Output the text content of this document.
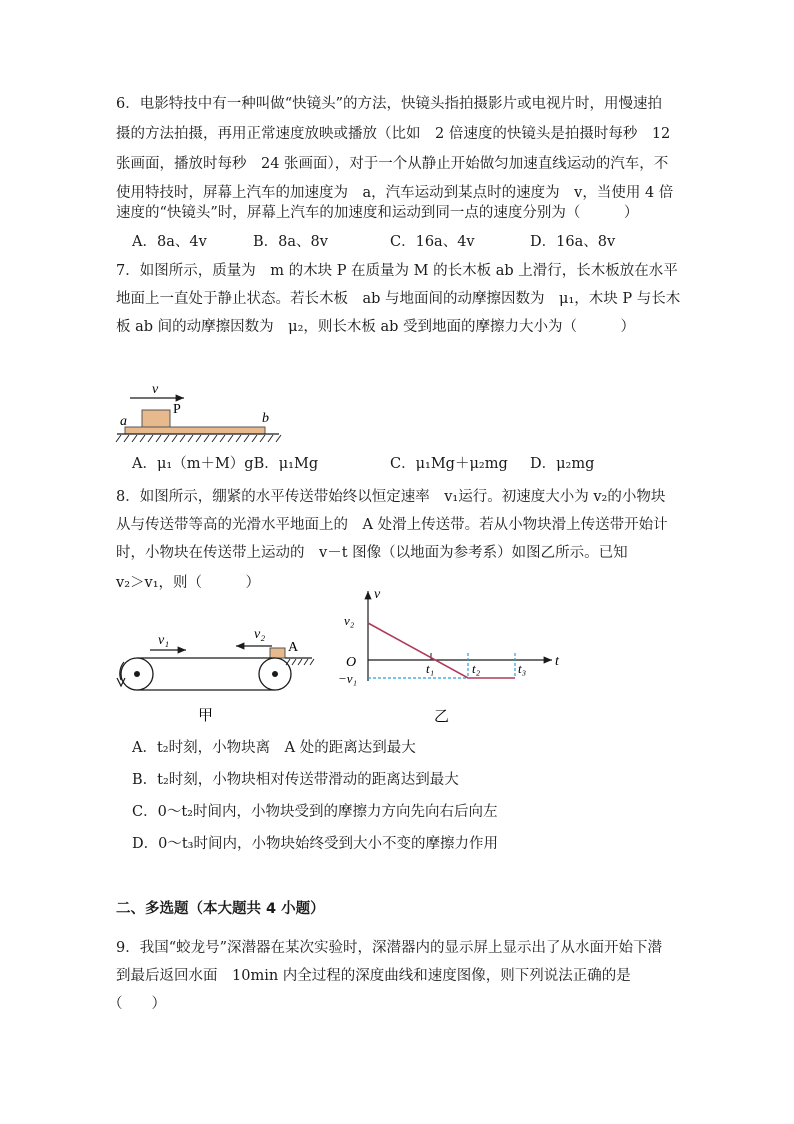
6．电影特技中有一种叫做“快镜头”的方法，快镜头指拍摄影片或电视片时，用慢速拍
摄的方法拍摄，再用正常速度放映或播放（比如　2 倍速度的快镜头是拍摄时每秒　12
张画面，播放时每秒　24 张画面），对于一个从静止开始做匀加速直线运动的汽车，不
使用特技时，屏幕上汽车的加速度为　a，汽车运动到某点时的速度为　v，当使用 4 倍
速度的“快镜头”时，屏幕上汽车的加速度和运动到同一点的速度分别为（　　　）
A．8a、4v	B．8a、8v	C．16a、4v	D．16a、8v
7．如图所示，质量为　m 的木块 P 在质量为 M 的长木板 ab 上滑行，长木板放在水平
地面上一直处于静止状态。若长木板　ab 与地面间的动摩擦因数为　μ₁，木块 P 与长木
板 ab 间的动摩擦因数为　μ₂，则长木板 ab 受到地面的摩擦力大小为（　　　）
v
P
a	b
A．μ₁（m＋M）gB．μ₁Mg	C．μ₁Mg＋μ₂mg D．μ₂mg
8．如图所示，绷紧的水平传送带始终以恒定速率　v₁运行。初速度大小为 v₂的小物块
从与传送带等高的光滑水平地面上的　A 处滑上传送带。若从小物块滑上传送带开始计
时，小物块在传送带上运动的　v－t 图像（以地面为参考系）如图乙所示。已知
v₂＞v₁，则（　　　）
v₁	v₂
A
甲
v
v₂
O
−v₁
t
t₁	t₂	t₃
乙
A．t₂时刻，小物块离　A 处的距离达到最大
B．t₂时刻，小物块相对传送带滑动的距离达到最大
C．0～t₂时间内，小物块受到的摩擦力方向先向右后向左
D．0～t₃时间内，小物块始终受到大小不变的摩擦力作用
二、多选题（本大题共 4 小题）
9．我国“蛟龙号”深潜器在某次实验时，深潜器内的显示屏上显示出了从水面开始下潜
到最后返回水面　10min 内全过程的深度曲线和速度图像，则下列说法正确的是
（　　）
